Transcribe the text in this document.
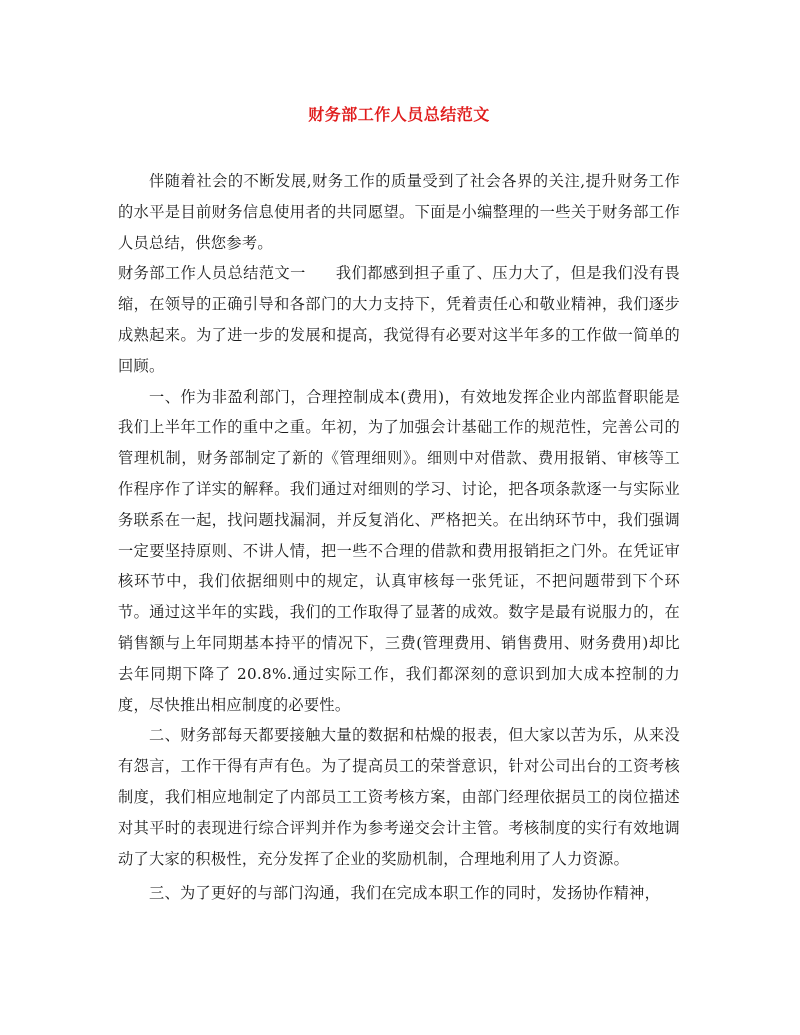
财务部工作人员总结范文

伴随着社会的不断发展,财务工作的质量受到了社会各界的关注,提升财务工作的水平是目前财务信息使用者的共同愿望。下面是小编整理的一些关于财务部工作人员总结，供您参考。

财务部工作人员总结范文一 我们都感到担子重了、压力大了，但是我们没有畏缩，在领导的正确引导和各部门的大力支持下，凭着责任心和敬业精神，我们逐步成熟起来。为了进一步的发展和提高，我觉得有必要对这半年多的工作做一简单的回顾。

一、作为非盈利部门，合理控制成本(费用)，有效地发挥企业内部监督职能是我们上半年工作的重中之重。年初，为了加强会计基础工作的规范性，完善公司的管理机制，财务部制定了新的《管理细则》。细则中对借款、费用报销、审核等工作程序作了详实的解释。我们通过对细则的学习、讨论，把各项条款逐一与实际业务联系在一起，找问题找漏洞，并反复消化、严格把关。在出纳环节中，我们强调一定要坚持原则、不讲人情，把一些不合理的借款和费用报销拒之门外。在凭证审核环节中，我们依据细则中的规定，认真审核每一张凭证，不把问题带到下个环节。通过这半年的实践，我们的工作取得了显著的成效。数字是最有说服力的，在销售额与上年同期基本持平的情况下，三费(管理费用、销售费用、财务费用)却比去年同期下降了 20.8%.通过实际工作，我们都深刻的意识到加大成本控制的力度，尽快推出相应制度的必要性。

二、财务部每天都要接触大量的数据和枯燥的报表，但大家以苦为乐，从来没有怨言，工作干得有声有色。为了提高员工的荣誉意识，针对公司出台的工资考核制度，我们相应地制定了内部员工工资考核方案，由部门经理依据员工的岗位描述对其平时的表现进行综合评判并作为参考递交会计主管。考核制度的实行有效地调动了大家的积极性，充分发挥了企业的奖励机制，合理地利用了人力资源。

三、为了更好的与部门沟通，我们在完成本职工作的同时，发扬协作精神，
